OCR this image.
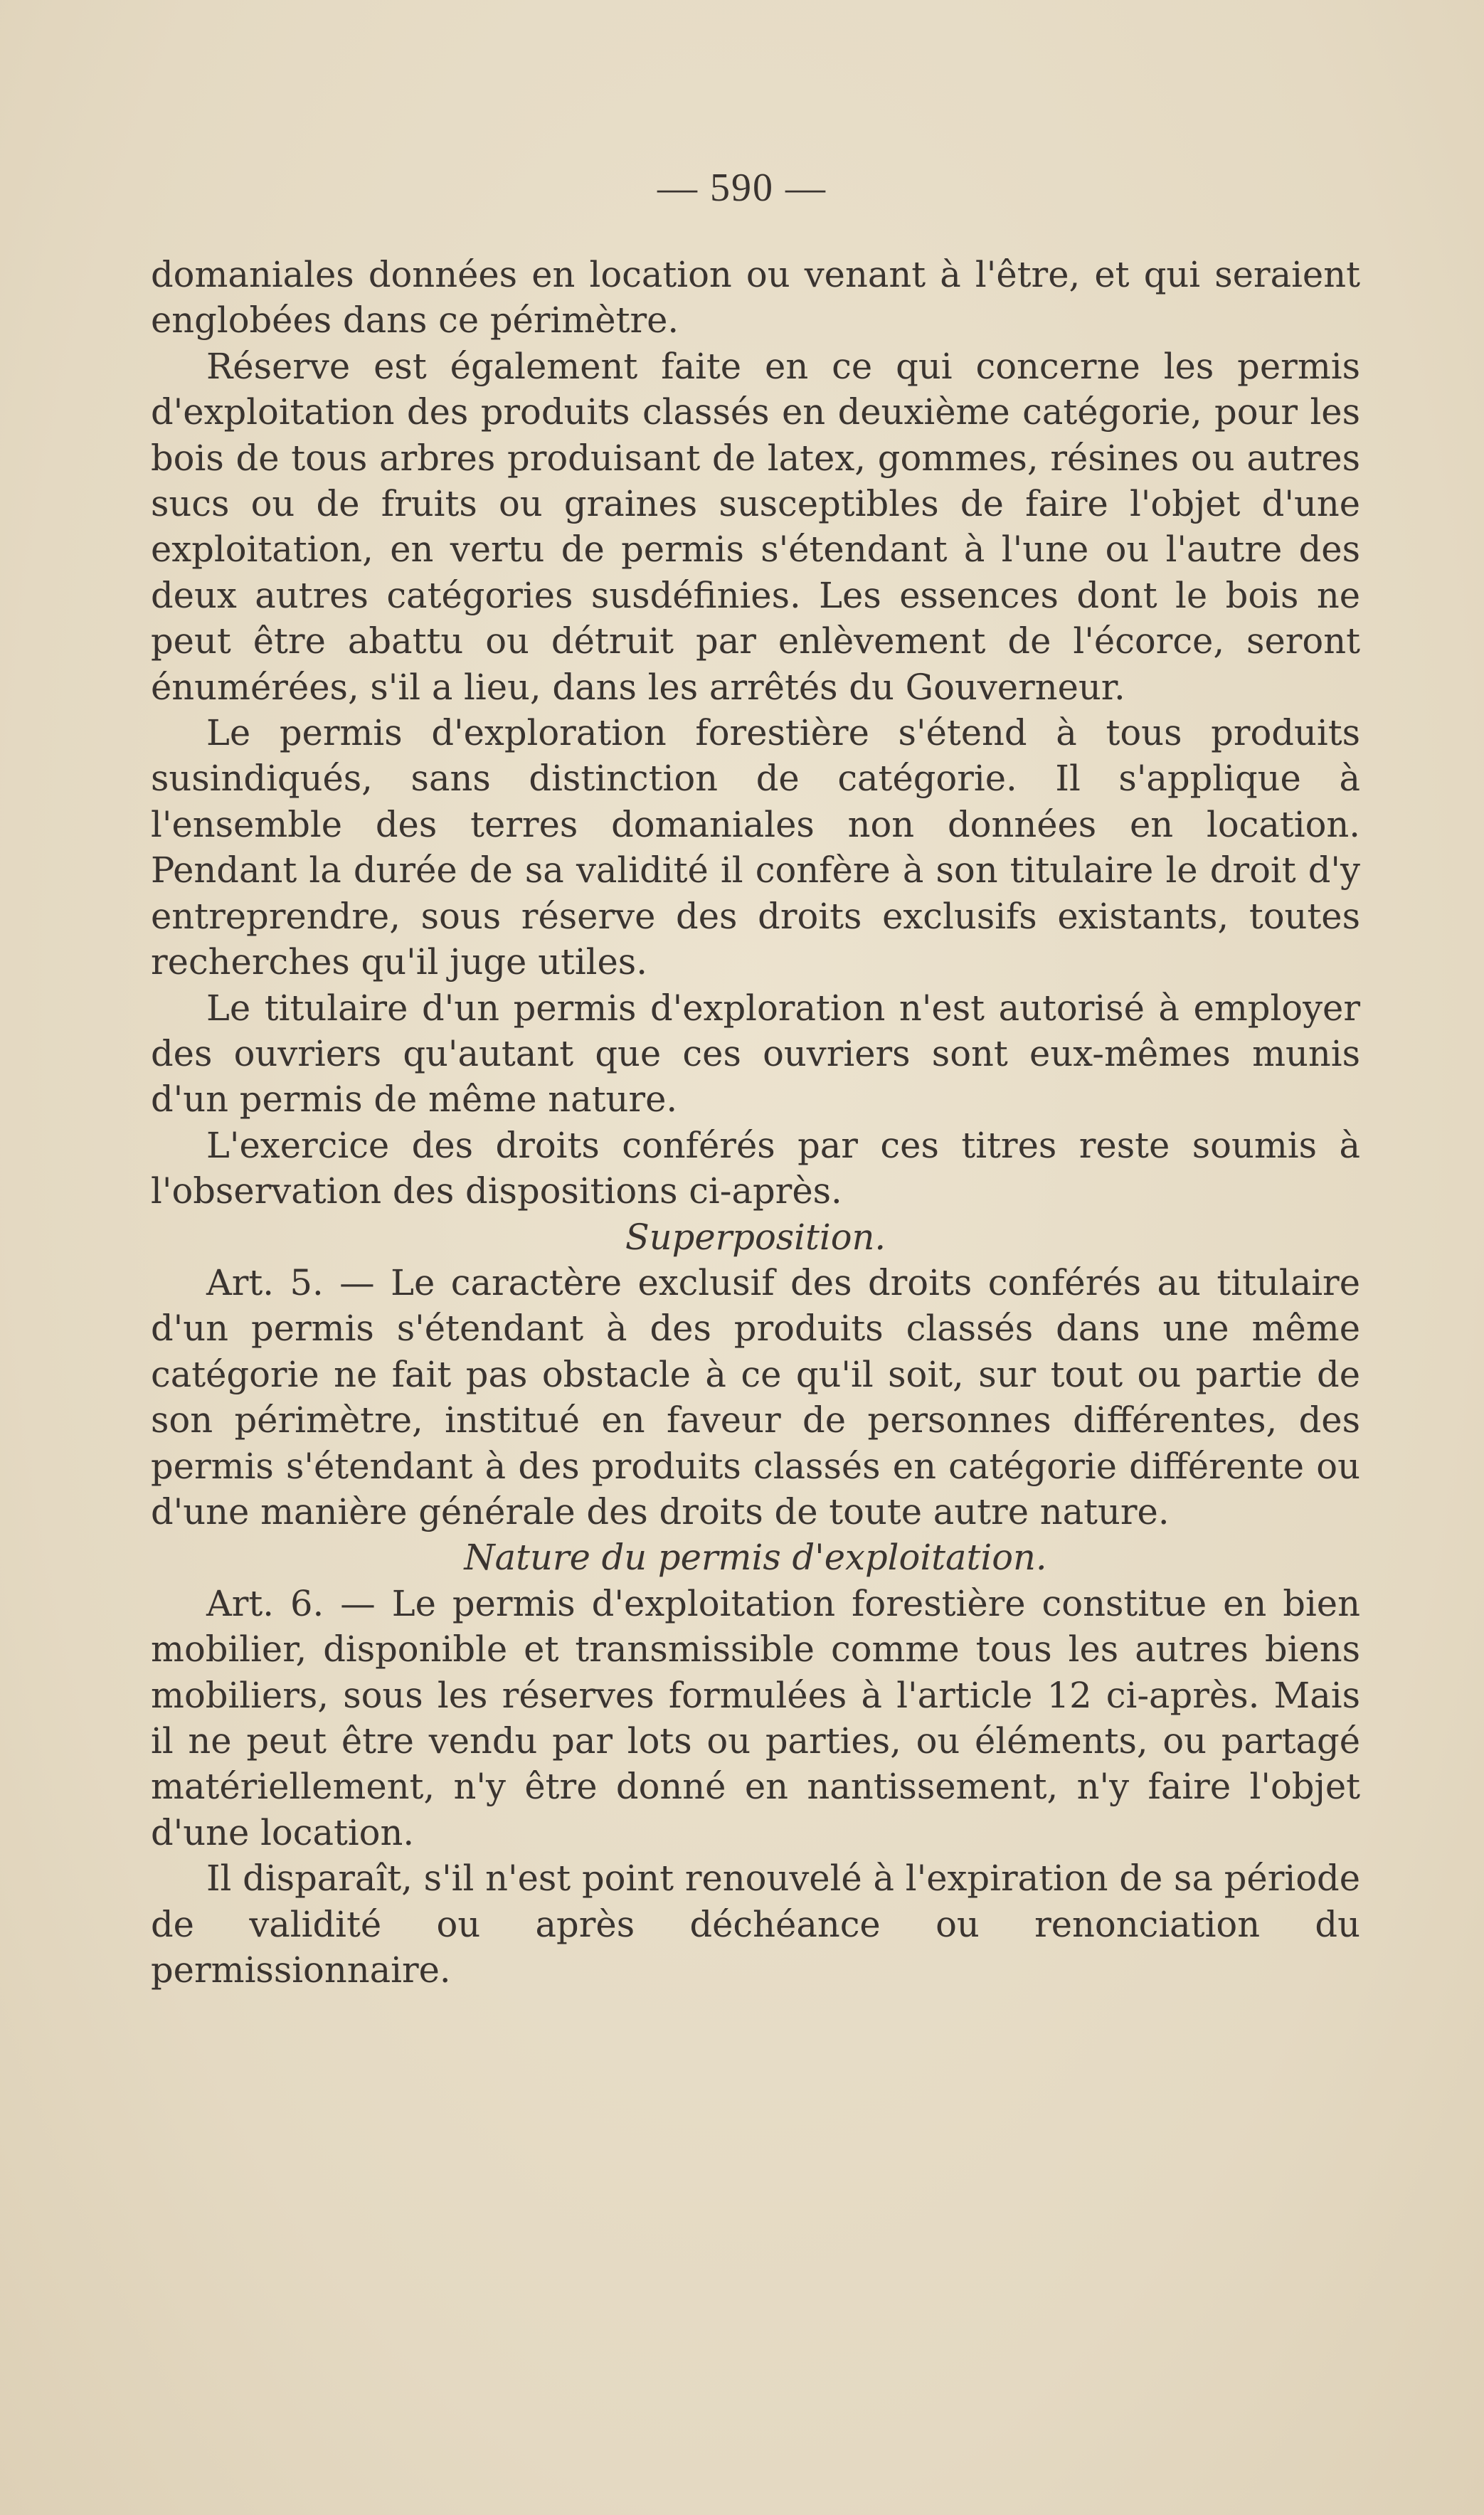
— 590 —

domaniales données en location ou venant à l'être, et qui seraient englobées dans ce périmètre.

Réserve est également faite en ce qui concerne les permis d'exploitation des produits classés en deuxième catégorie, pour les bois de tous arbres produisant de latex, gommes, résines ou autres sucs ou de fruits ou graines susceptibles de faire l'objet d'une exploitation, en vertu de permis s'étendant à l'une ou l'autre des deux autres catégories susdéfinies. Les essences dont le bois ne peut être abattu ou détruit par enlèvement de l'écorce, seront énumérées, s'il a lieu, dans les arrêtés du Gouverneur.

Le permis d'exploration forestière s'étend à tous produits susindiqués, sans distinction de catégorie. Il s'applique à l'ensemble des terres domaniales non données en location. Pendant la durée de sa validité il confère à son titulaire le droit d'y entreprendre, sous réserve des droits exclusifs existants, toutes recherches qu'il juge utiles.

Le titulaire d'un permis d'exploration n'est autorisé à employer des ouvriers qu'autant que ces ouvriers sont eux-mêmes munis d'un permis de même nature.

L'exercice des droits conférés par ces titres reste soumis à l'observation des dispositions ci-après.

Superposition.

Art. 5. — Le caractère exclusif des droits conférés au titulaire d'un permis s'étendant à des produits classés dans une même catégorie ne fait pas obstacle à ce qu'il soit, sur tout ou partie de son périmètre, institué en faveur de personnes différentes, des permis s'étendant à des produits classés en catégorie différente ou d'une manière générale des droits de toute autre nature.

Nature du permis d'exploitation.

Art. 6. — Le permis d'exploitation forestière constitue en bien mobilier, disponible et transmissible comme tous les autres biens mobiliers, sous les réserves formulées à l'article 12 ci-après. Mais il ne peut être vendu par lots ou parties, ou éléments, ou partagé matériellement, n'y être donné en nantissement, n'y faire l'objet d'une location.

Il disparaît, s'il n'est point renouvelé à l'expiration de sa période de validité ou après déchéance ou renonciation du permissionnaire.
